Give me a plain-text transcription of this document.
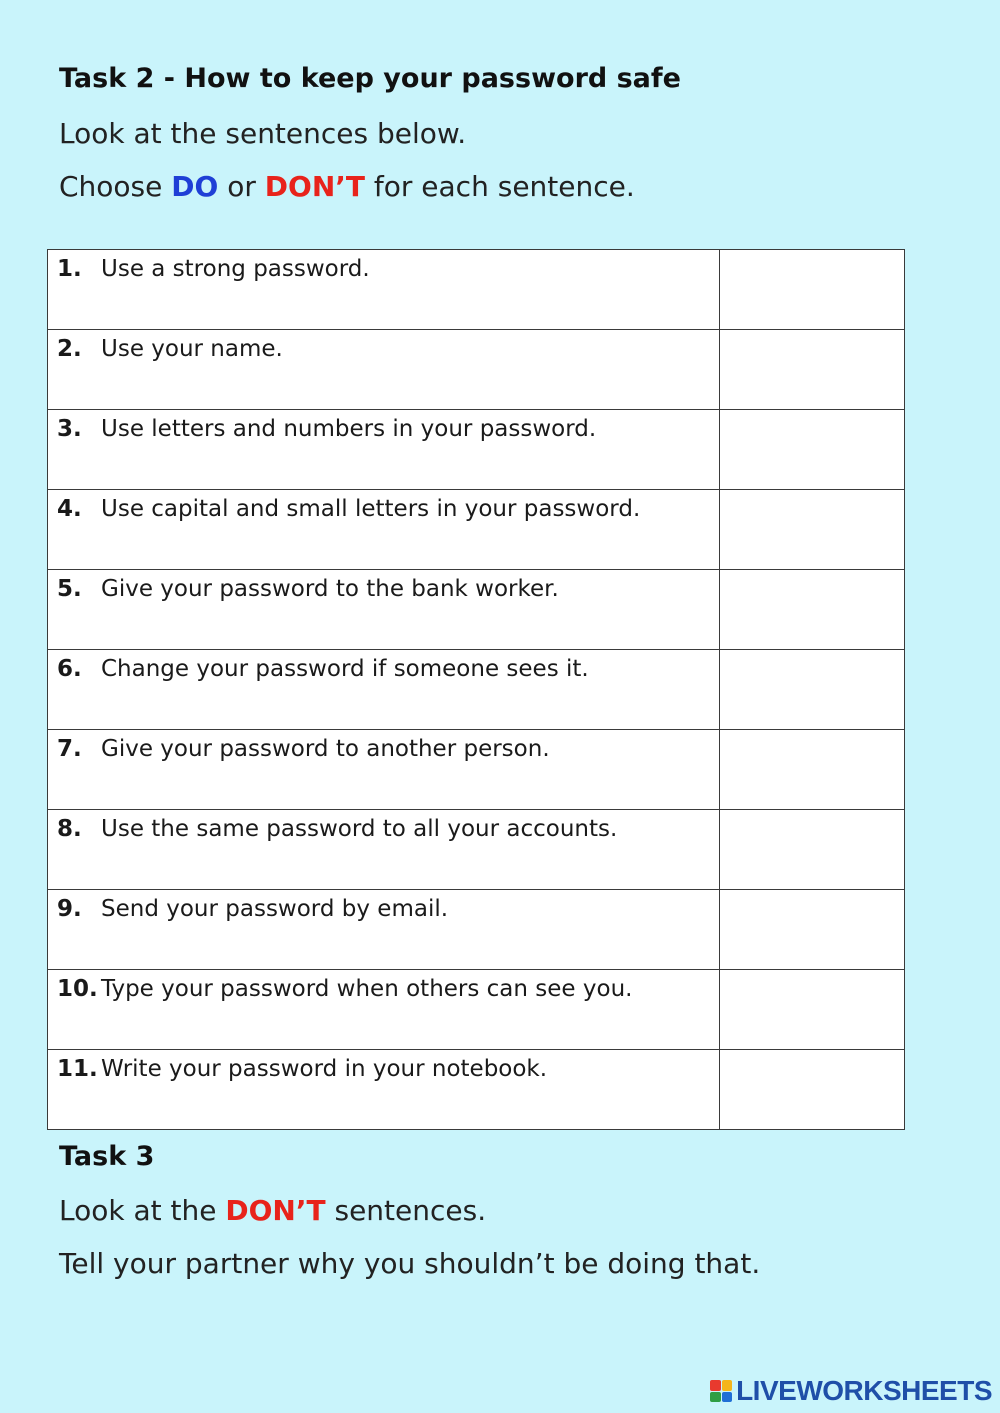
Task 2 - How to keep your password safe

Look at the sentences below.

Choose DO or DON’T for each sentence.

1. Use a strong password.	
2. Use your name.	
3. Use letters and numbers in your password.	
4. Use capital and small letters in your password.	
5. Give your password to the bank worker.	
6. Change your password if someone sees it.	
7. Give your password to another person.	
8. Use the same password to all your accounts.	
9. Send your password by email.	
10. Type your password when others can see you.	
11. Write your password in your notebook.	
Task 3

Look at the DON’T sentences.

Tell your partner why you shouldn’t be doing that.

LIVEWORKSHEETS
